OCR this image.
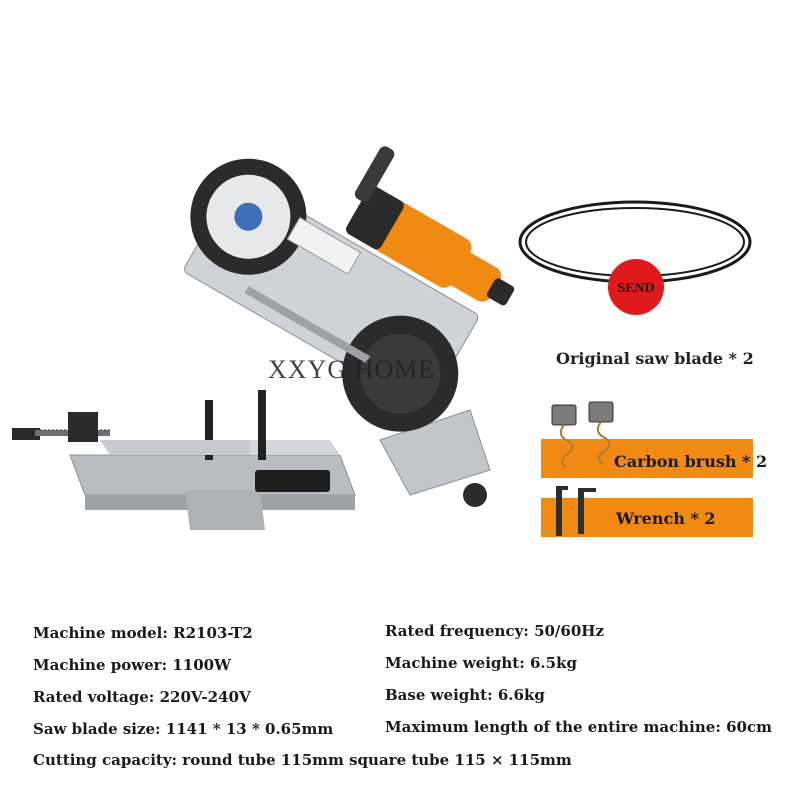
XXYG HOME
SEND
Original saw blade * 2
Carbon brush * 2
Wrench * 2
Machine model: R2103-T2
Machine power: 1100W
Rated voltage: 220V-240V
Saw blade size: 1141 * 13 * 0.65mm
Rated frequency: 50/60Hz
Machine weight: 6.5kg
Base weight: 6.6kg
Maximum length of the entire machine: 60cm
Cutting capacity: round tube 115mm square tube 115 × 115mm
